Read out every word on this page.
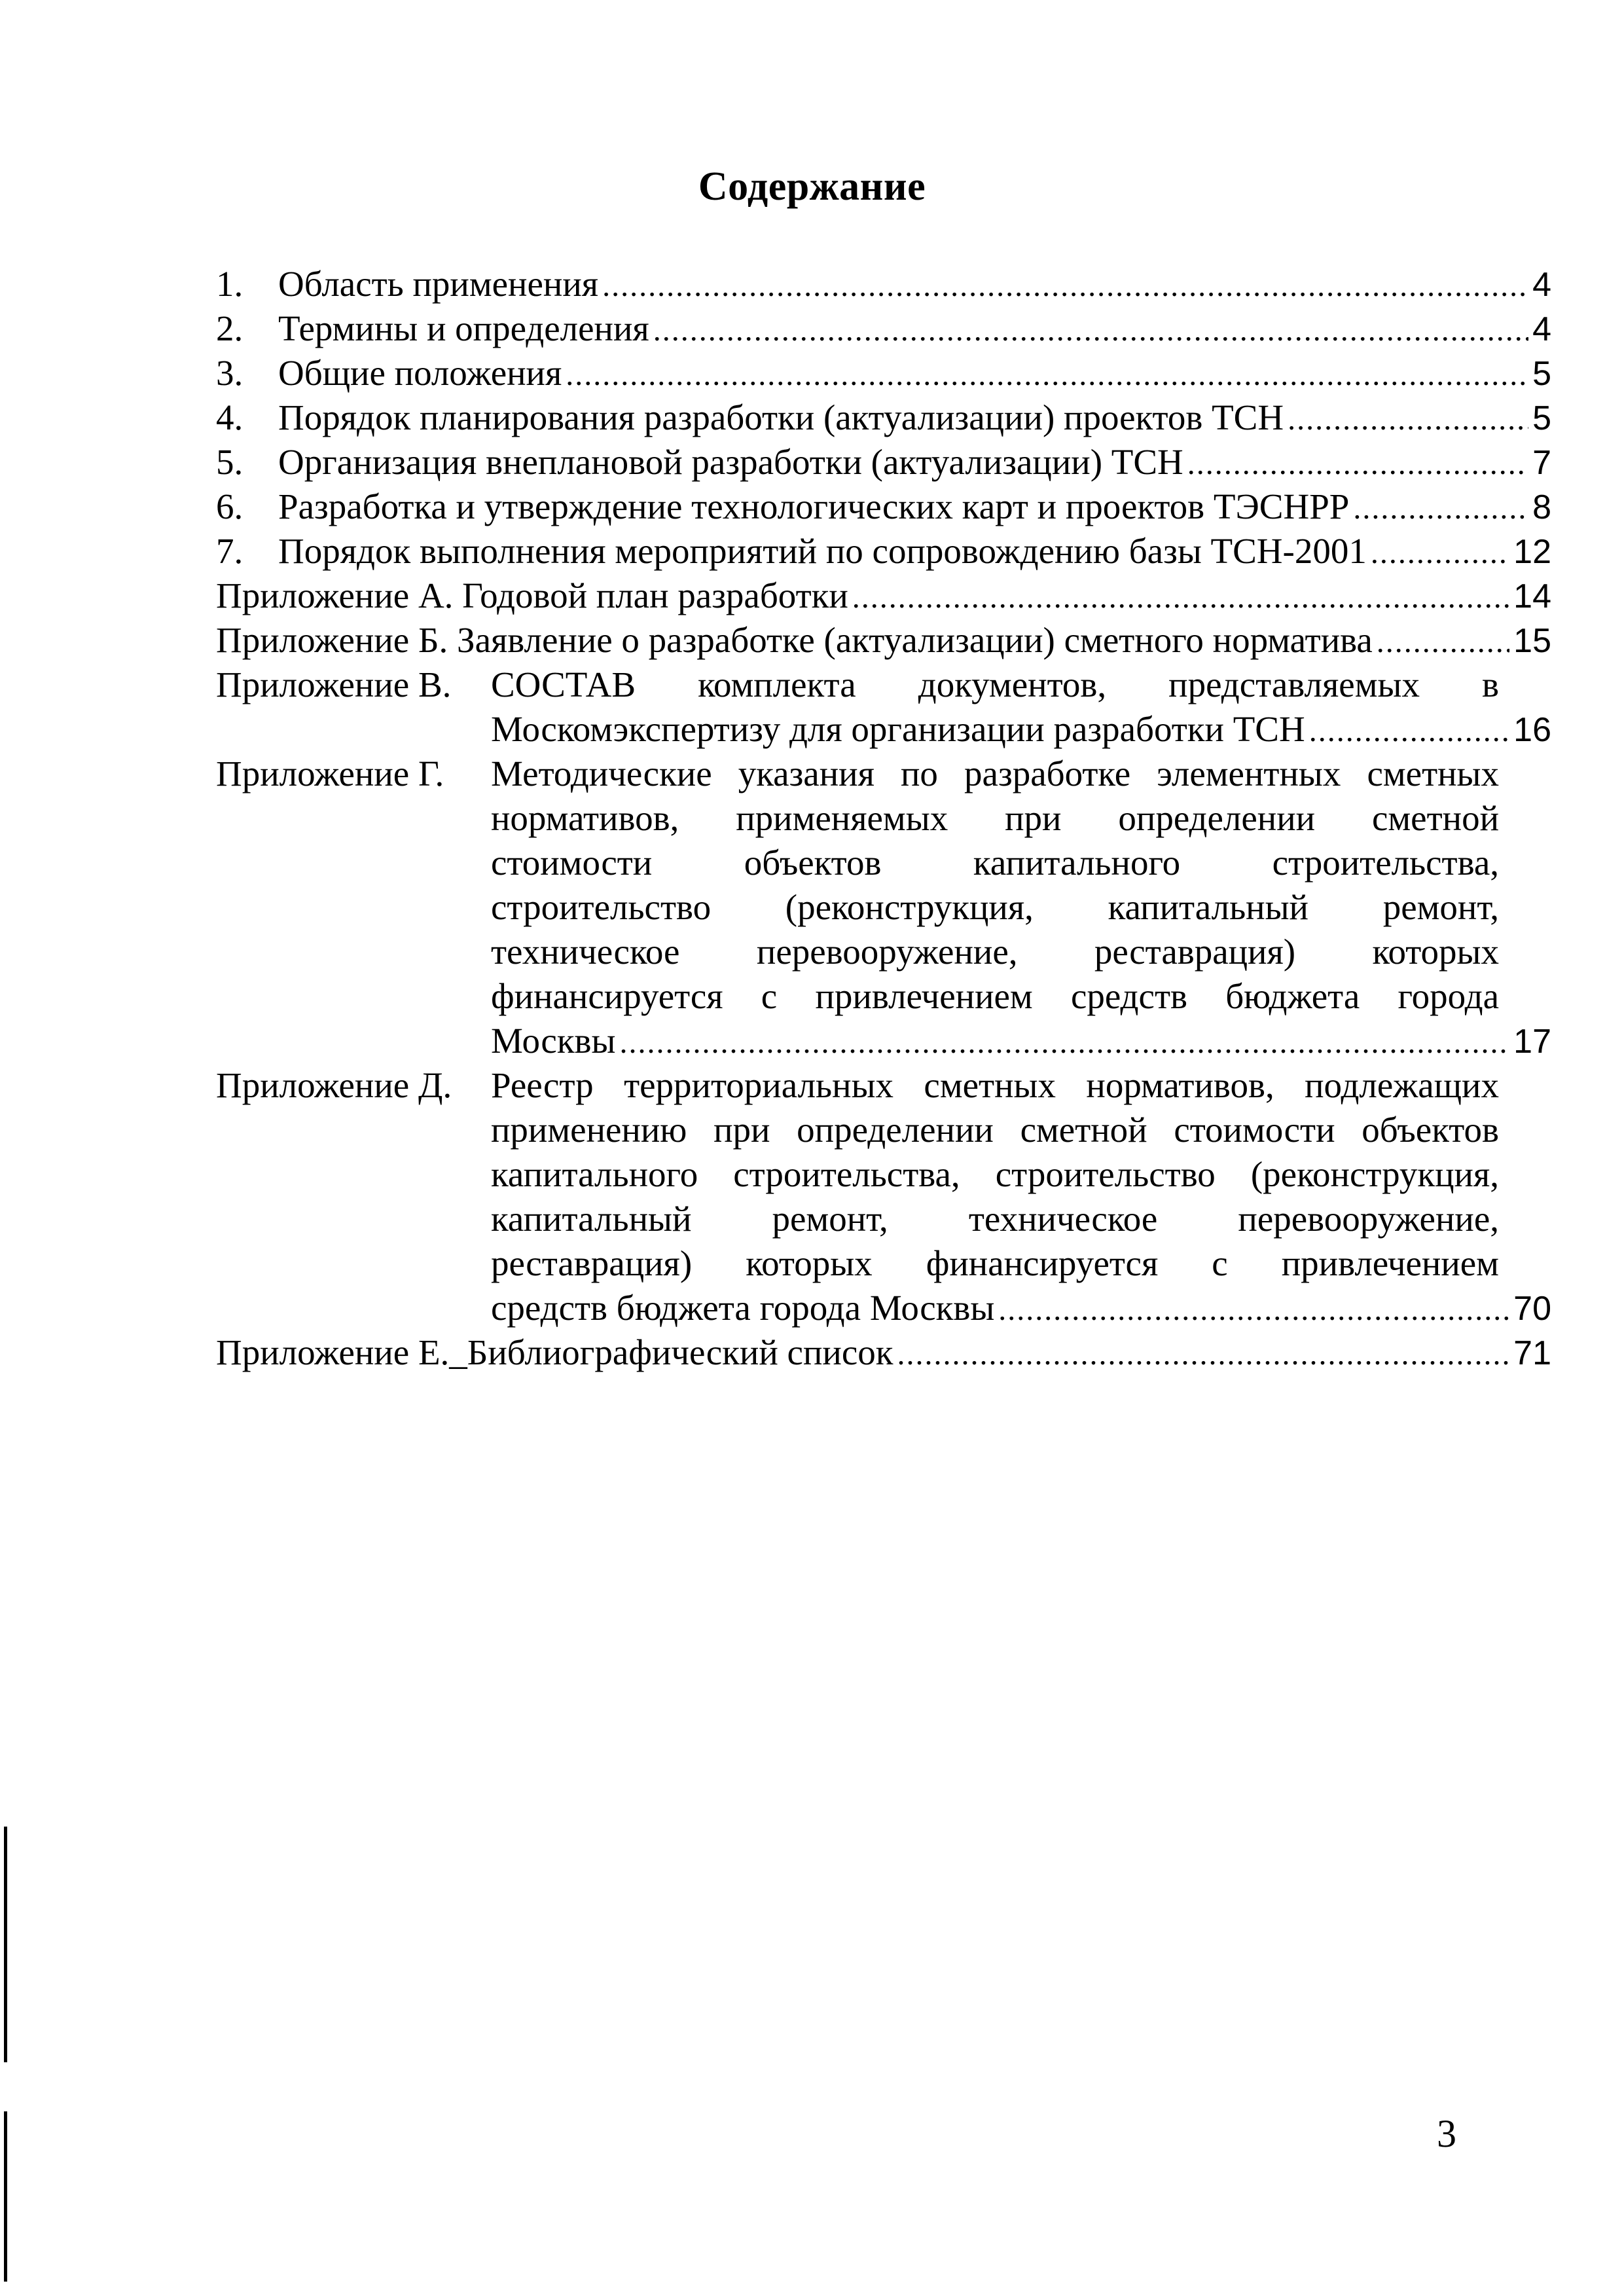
Содержание
1. Область применения .....	4
2. Термины и определения .....	4
3. Общие положения .....	5
4. Порядок планирования разработки (актуализации) проектов ТСН .....	5
5. Организация внеплановой разработки (актуализации) ТСН .....	7
6. Разработка и утверждение технологических карт и проектов ТЭСНРР .....	8
7. Порядок выполнения мероприятий по сопровождению базы ТСН-2001 .....	12
Приложение А. Годовой план разработки .....	14
Приложение Б. Заявление о разработке (актуализации) сметного норматива .....	15
Приложение В. СОСТАВ комплекта документов, представляемых в
Москомэкспертизу для организации разработки ТСН .....	16
Приложение Г. Методические указания по разработке элементных сметных
нормативов, применяемых при определении сметной
стоимости объектов капитального строительства,
строительство (реконструкция, капитальный ремонт,
техническое перевооружение, реставрация) которых
финансируется с привлечением средств бюджета города
Москвы .....	17
Приложение Д. Реестр территориальных сметных нормативов, подлежащих
применению при определении сметной стоимости объектов
капитального строительства, строительство (реконструкция,
капитальный ремонт, техническое перевооружение,
реставрация) которых финансируется с привлечением
средств бюджета города Москвы .....	70
Приложение Е._Библиографический список .....	71
3
